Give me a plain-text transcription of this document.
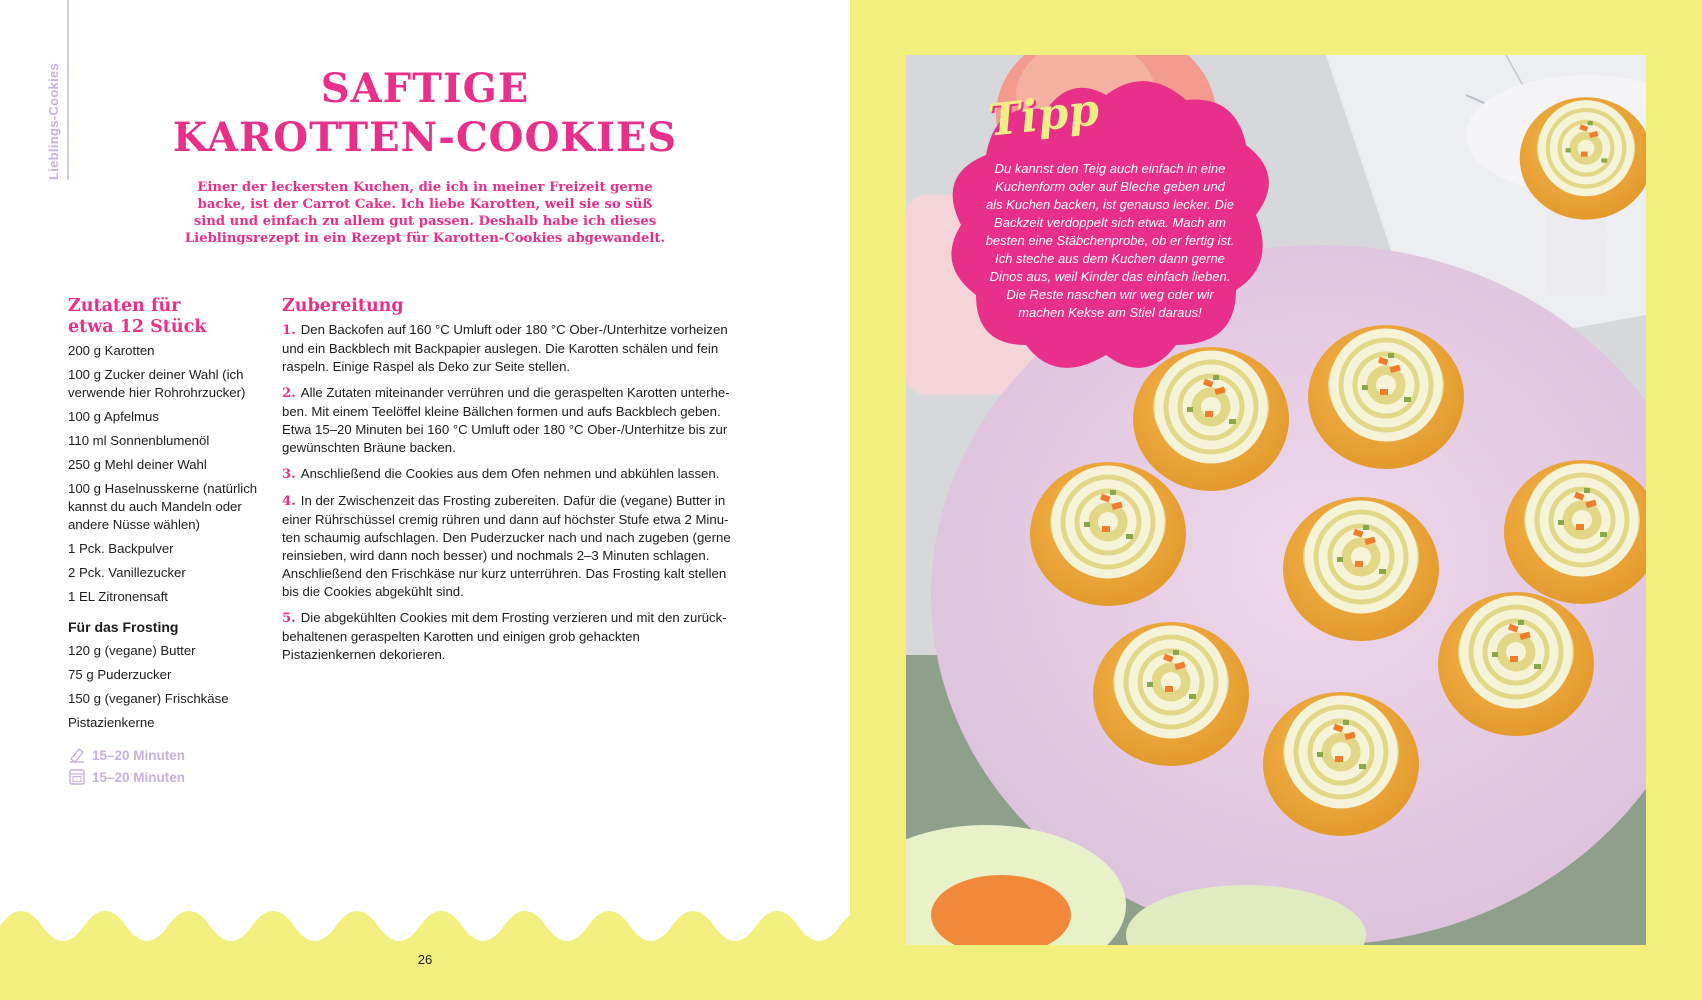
Lieblings-Cookies	SAFTIGE
KAROTTEN-COOKIES
Einer der leckersten Kuchen, die ich in meiner Freizeit gerne backe, ist der Carrot Cake. Ich liebe Karotten, weil sie so süß sind und einfach zu allem gut passen. Deshalb habe ich dieses Lieblingsrezept in ein Rezept für Karotten-Cookies abgewandelt.
Zutaten für
etwa 12 Stück
200 g Karotten
100 g Zucker deiner Wahl (ich verwende hier Rohrohrzucker)
100 g Apfelmus
110 ml Sonnenblumenöl
250 g Mehl deiner Wahl
100 g Haselnusskerne (natürlich kannst du auch Mandeln oder andere Nüsse wählen)
1 Pck. Backpulver
2 Pck. Vanillezucker
1 EL Zitronensaft
Für das Frosting
120 g (vegane) Butter
75 g Puderzucker
150 g (veganer) Frischkäse
Pistazienkerne
15–20 Minuten
15–20 Minuten
Zubereitung
1. Den Backofen auf 160 °C Umluft oder 180 °C Ober-/Unterhitze vorheizen und ein Backblech mit Backpapier auslegen. Die Karotten schälen und fein raspeln. Einige Raspel als Deko zur Seite stellen.
2. Alle Zutaten miteinander verrühren und die geraspelten Karotten unterheben. Mit einem Teelöffel kleine Bällchen formen und aufs Backblech geben. Etwa 15–20 Minuten bei 160 °C Umluft oder 180 °C Ober-/Unterhitze bis zur gewünschten Bräune backen.
3. Anschließend die Cookies aus dem Ofen nehmen und abkühlen lassen.
4. In der Zwischenzeit das Frosting zubereiten. Dafür die (vegane) Butter in einer Rührschüssel cremig rühren und dann auf höchster Stufe etwa 2 Minuten schaumig aufschlagen. Den Puderzucker nach und nach zugeben (gerne reinsieben, wird dann noch besser) und nochmals 2–3 Minuten schlagen. Anschließend den Frischkäse nur kurz unterrühren. Das Frosting kalt stellen bis die Cookies abgekühlt sind.
5. Die abgekühlten Cookies mit dem Frosting verzieren und mit den zurückbehaltenen geraspelten Karotten und einigen grob gehackten Pistazienkernen dekorieren.
26
Tipp
Du kannst den Teig auch einfach in eine Kuchenform oder auf Bleche geben und als Kuchen backen, ist genauso lecker. Die Backzeit verdoppelt sich etwa. Mach am besten eine Stäbchenprobe, ob er fertig ist. Ich steche aus dem Kuchen dann gerne Dinos aus, weil Kinder das einfach lieben. Die Reste naschen wir weg oder wir machen Kekse am Stiel daraus!
